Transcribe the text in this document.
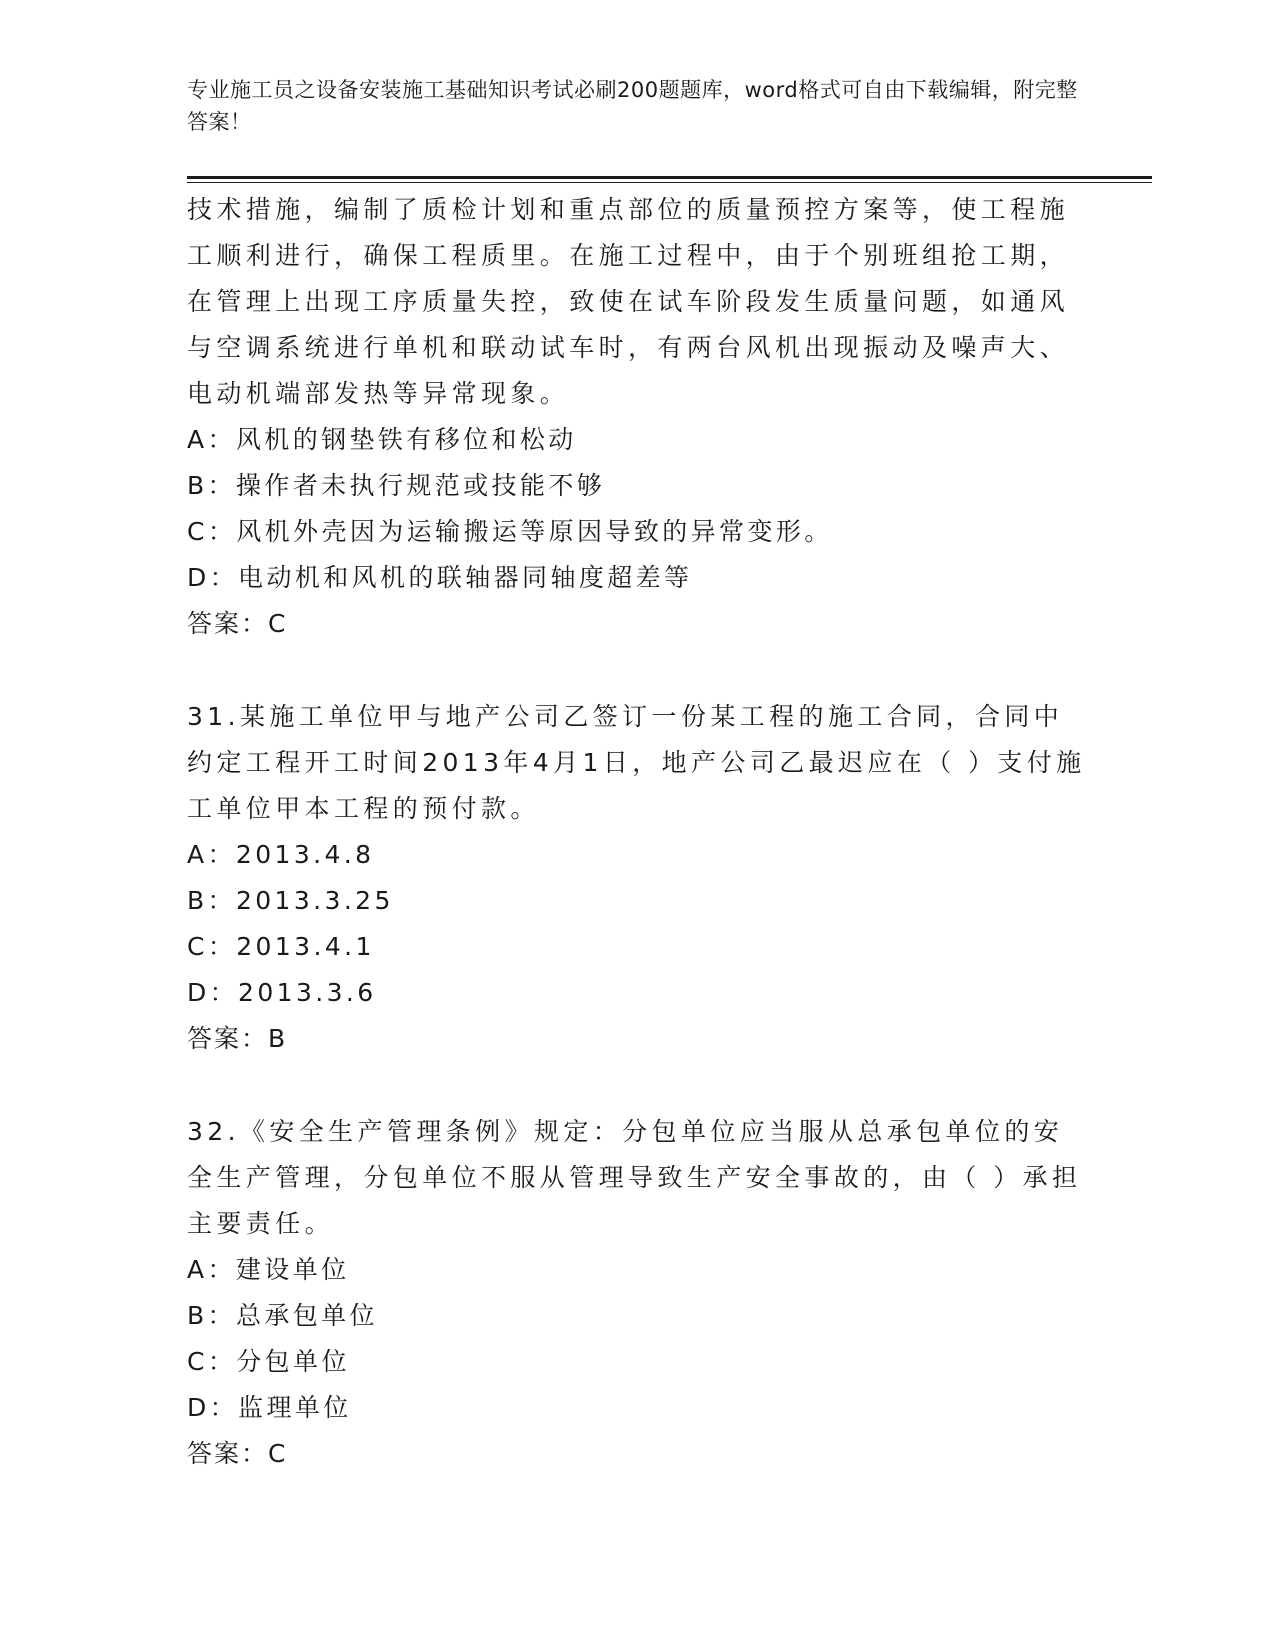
专业施工员之设备安装施工基础知识考试必刷200题题库，word格式可自由下载编辑，附完整答案！

技术措施，编制了质检计划和重点部位的质量预控方案等，使工程施工顺利进行，确保工程质里。在施工过程中，由于个别班组抢工期，在管理上出现工序质量失控，致使在试车阶段发生质量问题，如通风与空调系统进行单机和联动试车时，有两台风机出现振动及噪声大、电动机端部发热等异常现象。

A：风机的钢垫铁有移位和松动

B：操作者未执行规范或技能不够

C：风机外壳因为运输搬运等原因导致的异常变形。

D：电动机和风机的联轴器同轴度超差等

答案：C

31.某施工单位甲与地产公司乙签订一份某工程的施工合同，合同中约定工程开工时间2013年4月1日，地产公司乙最迟应在（ ）支付施工单位甲本工程的预付款。

A：2013.4.8

B：2013.3.25

C：2013.4.1

D：2013.3.6

答案：B

32.《安全生产管理条例》规定：分包单位应当服从总承包单位的安全生产管理，分包单位不服从管理导致生产安全事故的，由（ ）承担主要责任。

A：建设单位

B：总承包单位

C：分包单位

D：监理单位

答案：C
